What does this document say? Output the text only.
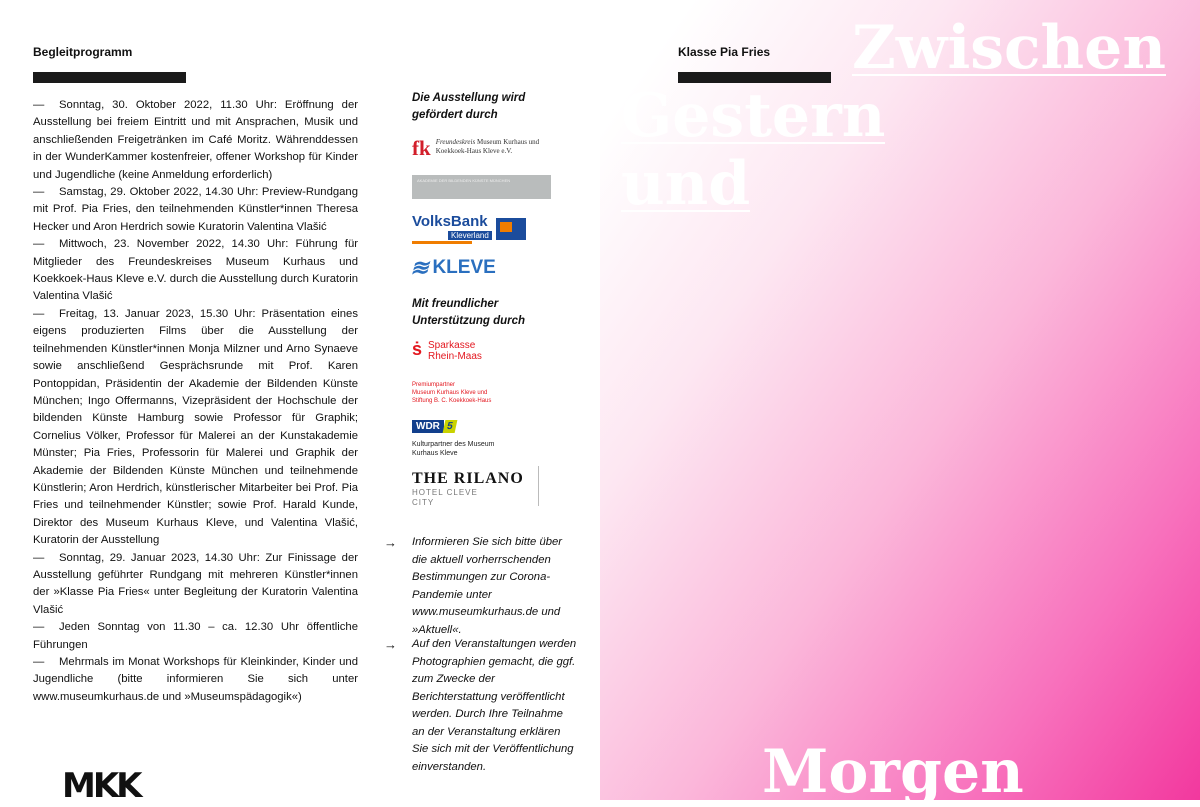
Begleitprogramm

— Sonntag, 30. Oktober 2022, 11.30 Uhr: Eröffnung der Ausstellung bei freiem Eintritt und mit Ansprachen, Musik und anschließenden Freigetränken im Café Moritz. Währenddessen in der WunderKammer kostenfreier, offener Workshop für Kinder und Jugendliche (keine Anmeldung erforderlich)
— Samstag, 29. Oktober 2022, 14.30 Uhr: Preview-Rundgang mit Prof. Pia Fries, den teilnehmenden Künstler*innen Theresa Hecker und Aron Herdrich sowie Kuratorin Valentina Vlašić
— Mittwoch, 23. November 2022, 14.30 Uhr: Führung für Mitglieder des Freundeskreises Museum Kurhaus und Koekkoek-Haus Kleve e.V. durch die Ausstellung durch Kuratorin Valentina Vlašić
— Freitag, 13. Januar 2023, 15.30 Uhr: Präsentation eines eigens produzierten Films über die Ausstellung der teilnehmenden Künstler*innen Monja Milzner und Arno Synaeve sowie anschließend Gesprächsrunde mit Prof. Karen Pontoppidan, Präsidentin der Akademie der Bildenden Künste München; Ingo Offermanns, Vizepräsident der Hochschule der bildenden Künste Hamburg sowie Professor für Graphik; Cornelius Völker, Professor für Malerei an der Kunstakademie Münster; Pia Fries, Professorin für Malerei und Graphik der Akademie der Bildenden Künste München und teilnehmende Künstlerin; Aron Herdrich, künstlerischer Mitarbeiter bei Prof. Pia Fries und teilnehmender Künstler; sowie Prof. Harald Kunde, Direktor des Museum Kurhaus Kleve, und Valentina Vlašić, Kuratorin der Ausstellung
— Sonntag, 29. Januar 2023, 14.30 Uhr: Zur Finissage der Ausstellung geführter Rundgang mit mehreren Künstler*innen der »Klasse Pia Fries« unter Begleitung der Kuratorin Valentina Vlašić
— Jeden Sonntag von 11.30 – ca. 12.30 Uhr öffentliche Führungen
— Mehrmals im Monat Workshops für Kleinkinder, Kinder und Jugendliche (bitte informieren Sie sich unter www.museumkurhaus.de und »Museumspädagogik«)
MKK
Die Ausstellung wird gefördert durch
fk Freundeskreis Museum Kurhaus und
Koekkoek-Haus Kleve e.V.
AKADEMIE DER BILDENDEN KÜNSTE MÜNCHEN
VolksBank
Kleverland
≋
KLEVE
Mit freundlicher Unterstützung durch
ṡ Sparkasse
Rhein-Maas
Premiumpartner
Museum Kurhaus Kleve und
Stiftung B. C. Koekkoek-Haus
WDR 5
Kulturpartner des Museum
Kurhaus Kleve
THE RILANO
HOTEL CLEVE
CITY
→ Informieren Sie sich bitte über die aktuell vorherrschenden Bestimmungen zur Corona-Pandemie unter www.museumkurhaus.de und »Aktuell«.
→ Auf den Veranstaltungen werden Photographien gemacht, die ggf. zum Zwecke der Berichterstattung veröffentlicht werden. Durch Ihre Teilnahme an der Veranstaltung erklären Sie sich mit der Veröffentlichung einverstanden.

Klasse Pia Fries	Zwischen
Gestern
und
Morgen
